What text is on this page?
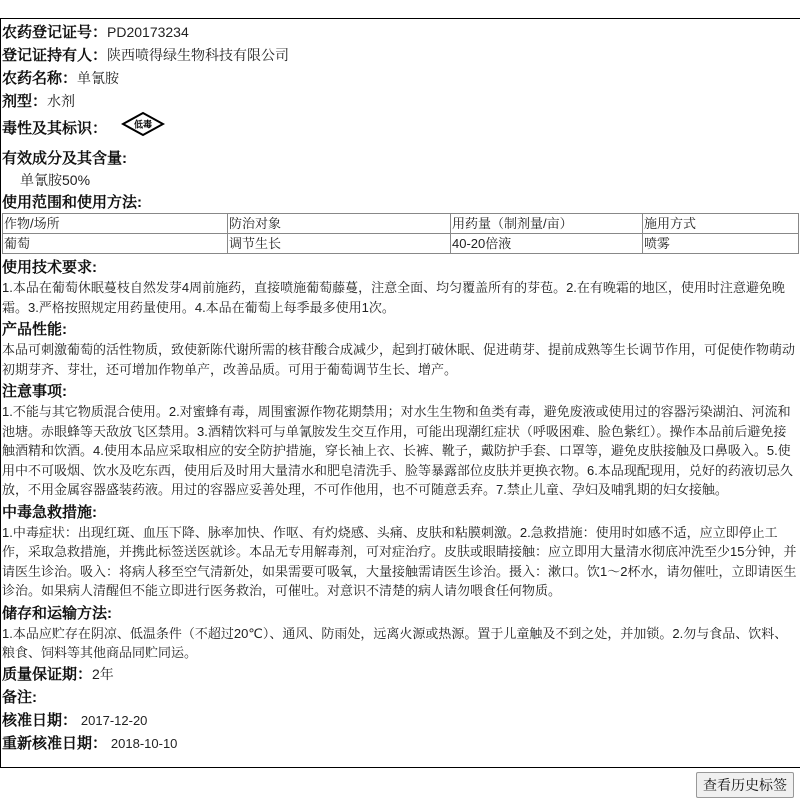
农药登记证号：PD20173234
登记证持有人：陕西喷得绿生物科技有限公司
农药名称：单氰胺
剂型：水剂
毒性及其标识：	低毒
有效成分及其含量:
单氰胺50%
使用范围和使用方法:
作物/场所	防治对象	用药量（制剂量/亩）	施用方式
葡萄	调节生长	40-20倍液	喷雾
使用技术要求:
1.本品在葡萄休眠蔓枝自然发芽4周前施药，直接喷施葡萄藤蔓，注意全面、均匀覆盖所有的芽苞。2.在有晚霜的地区，使用时注意避免晚霜。3.严格按照规定用药量使用。4.本品在葡萄上每季最多使用1次。
产品性能:
本品可刺激葡萄的活性物质，致使新陈代谢所需的核苷酸合成减少，起到打破休眠、促进萌芽、提前成熟等生长调节作用，可促使作物萌动初期芽齐、芽壮，还可增加作物单产，改善品质。可用于葡萄调节生长、增产。
注意事项:
1.不能与其它物质混合使用。2.对蜜蜂有毒，周围蜜源作物花期禁用；对水生生物和鱼类有毒，避免废液或使用过的容器污染湖泊、河流和池塘。赤眼蜂等天敌放飞区禁用。3.酒精饮料可与单氰胺发生交互作用，可能出现潮红症状（呼吸困难、脸色紫红）。操作本品前后避免接触酒精和饮酒。4.使用本品应采取相应的安全防护措施，穿长袖上衣、长裤、靴子，戴防护手套、口罩等，避免皮肤接触及口鼻吸入。5.使用中不可吸烟、饮水及吃东西，使用后及时用大量清水和肥皂清洗手、脸等暴露部位皮肤并更换衣物。6.本品现配现用，兑好的药液切忌久放，不用金属容器盛装药液。用过的容器应妥善处理，不可作他用，也不可随意丢弃。7.禁止儿童、孕妇及哺乳期的妇女接触。
中毒急救措施:
1.中毒症状：出现红斑、血压下降、脉率加快、作呕、有灼烧感、头痛、皮肤和粘膜刺激。2.急救措施：使用时如感不适，应立即停止工作，采取急救措施，并携此标签送医就诊。本品无专用解毒剂，可对症治疗。皮肤或眼睛接触：应立即用大量清水彻底冲洗至少15分钟，并请医生诊治。吸入：将病人移至空气清新处，如果需要可吸氧，大量接触需请医生诊治。摄入：漱口。饮1～2杯水，请勿催吐，立即请医生诊治。如果病人清醒但不能立即进行医务救治，可催吐。对意识不清楚的病人请勿喂食任何物质。
储存和运输方法:
1.本品应贮存在阴凉、低温条件（不超过20℃）、通风、防雨处，远离火源或热源。置于儿童触及不到之处，并加锁。2.勿与食品、饮料、粮食、饲料等其他商品同贮同运。
质量保证期：2年
备注:
核准日期： 2017-12-20
重新核准日期： 2018-10-10
查看历史标签
